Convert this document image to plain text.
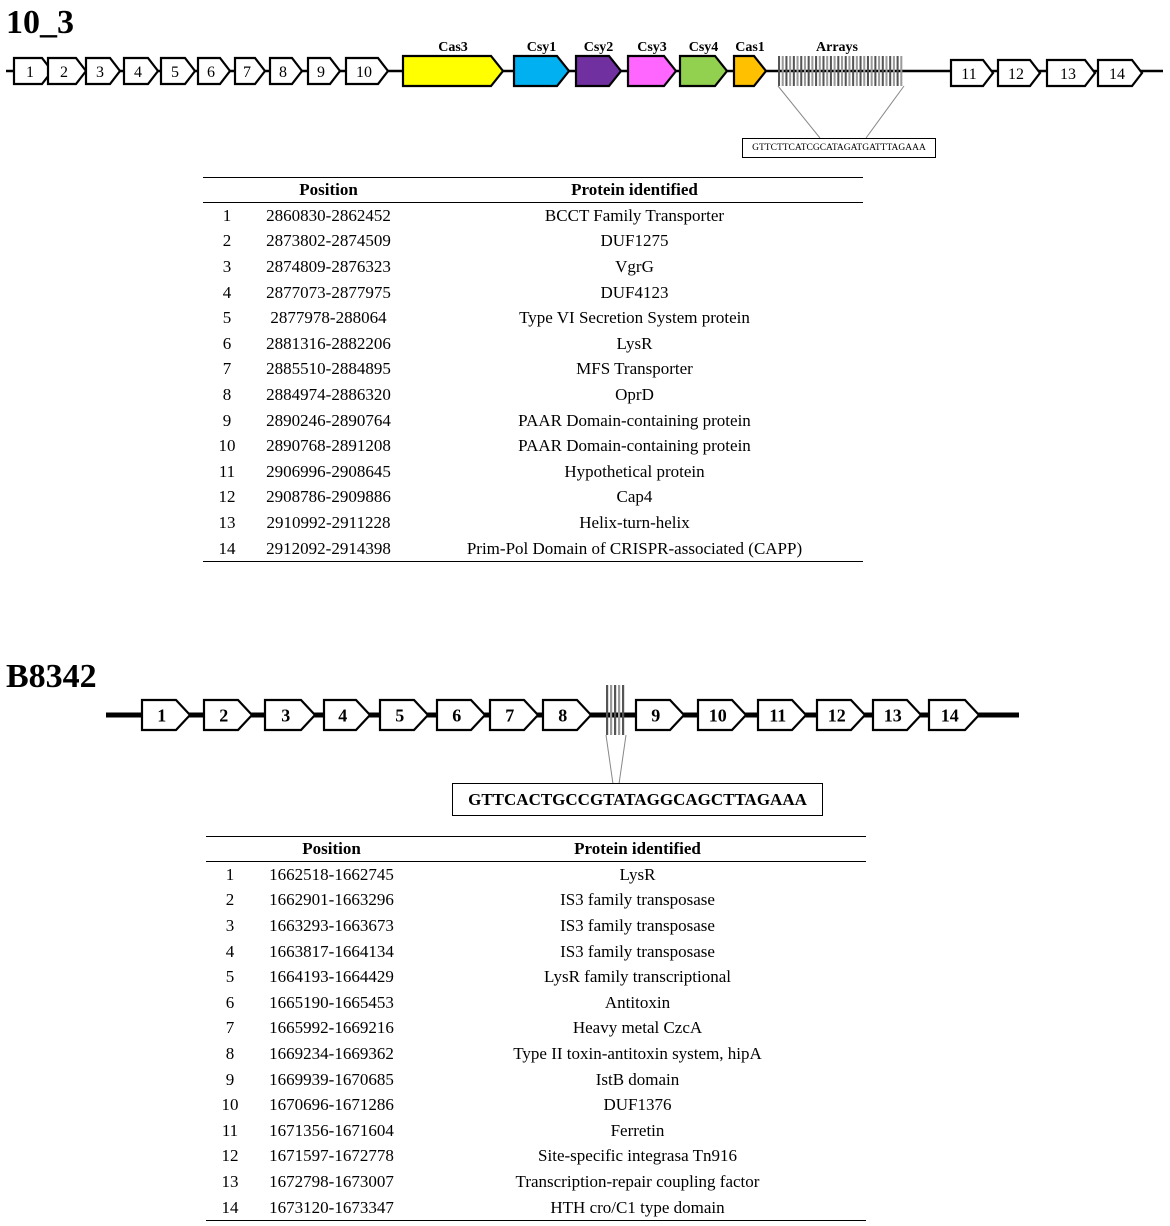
10_3
1 2 3 4 5 6 7 8 9 10
Cas3	Csy1 Csy2 Csy3 Csy4 Cas1	Arrays
11 12 13 14
GTTCTTCATCGCATAGATGATTTAGAAA
	Position	Protein identified
1	2860830-2862452	BCCT Family Transporter
2	2873802-2874509	DUF1275
3	2874809-2876323	VgrG
4	2877073-2877975	DUF4123
5	2877978-288064	Type VI Secretion System protein
6	2881316-2882206	LysR
7	2885510-2884895	MFS Transporter
8	2884974-2886320	OprD
9	2890246-2890764	PAAR Domain-containing protein
10	2890768-2891208	PAAR Domain-containing protein
11	2906996-2908645	Hypothetical protein
12	2908786-2909886	Cap4
13	2910992-2911228	Helix-turn-helix
14	2912092-2914398	Prim-Pol Domain of CRISPR-associated (CAPP)
B8342
1	2	3	4	5	6 7 8	9	10 11 12 13 14
GTTCACTGCCGTATAGGCAGCTTAGAAA
	Position	Protein identified
1	1662518-1662745	LysR
2	1662901-1663296	IS3 family transposase
3	1663293-1663673	IS3 family transposase
4	1663817-1664134	IS3 family transposase
5	1664193-1664429	LysR family transcriptional
6	1665190-1665453	Antitoxin
7	1665992-1669216	Heavy metal CzcA
8	1669234-1669362	Type II toxin-antitoxin system, hipA
9	1669939-1670685	IstB domain
10	1670696-1671286	DUF1376
11	1671356-1671604	Ferretin
12	1671597-1672778	Site-specific integrasa Tn916
13	1672798-1673007	Transcription-repair coupling factor
14	1673120-1673347	HTH cro/C1 type domain
